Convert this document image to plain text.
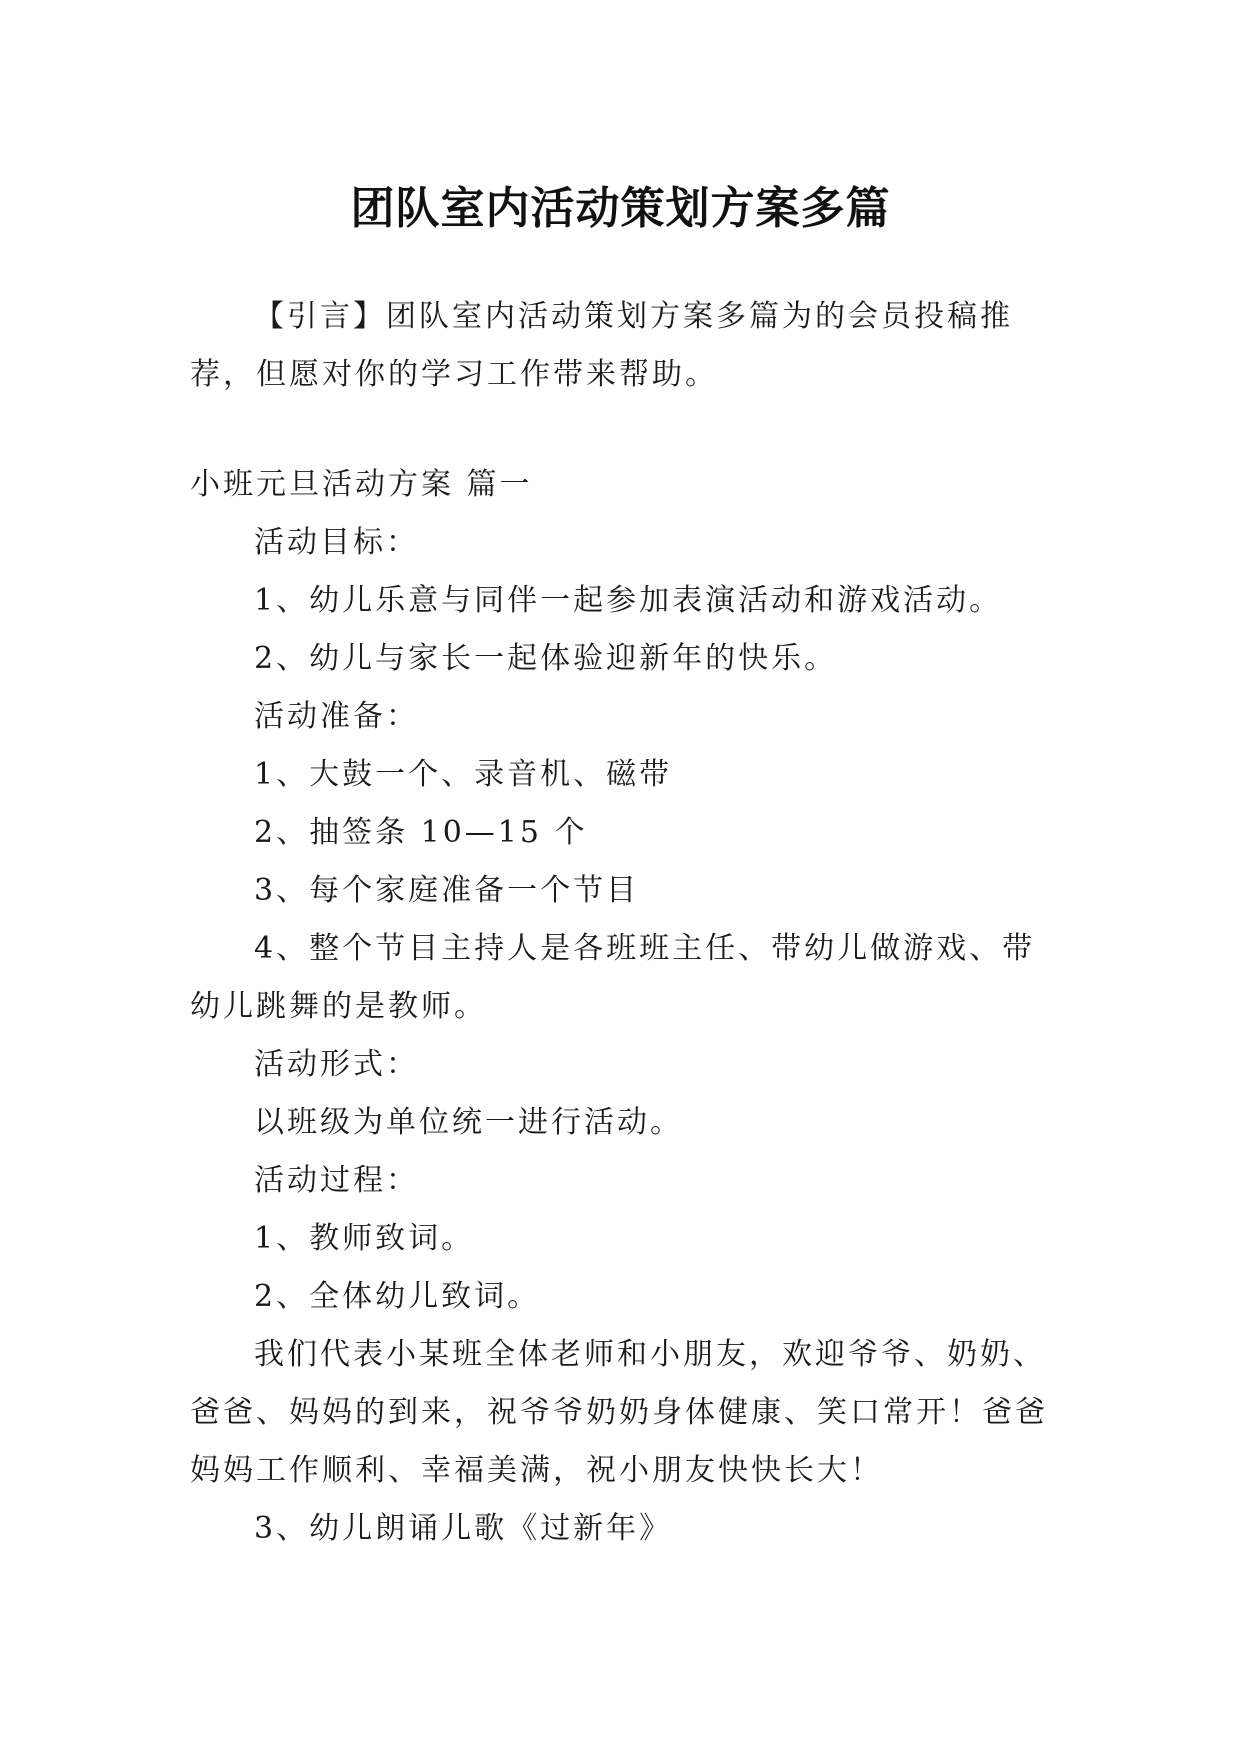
团队室内活动策划方案多篇

【引言】团队室内活动策划方案多篇为的会员投稿推荐，但愿对你的学习工作带来帮助。

小班元旦活动方案 篇一

活动目标：

1、幼儿乐意与同伴一起参加表演活动和游戏活动。

2、幼儿与家长一起体验迎新年的快乐。

活动准备：

1、大鼓一个、录音机、磁带

2、抽签条 10—15 个

3、每个家庭准备一个节目

4、整个节目主持人是各班班主任、带幼儿做游戏、带幼儿跳舞的是教师。

活动形式：

以班级为单位统一进行活动。

活动过程：

1、教师致词。

2、全体幼儿致词。

我们代表小某班全体老师和小朋友，欢迎爷爷、奶奶、爸爸、妈妈的到来，祝爷爷奶奶身体健康、笑口常开！爸爸妈妈工作顺利、幸福美满，祝小朋友快快长大！

3、幼儿朗诵儿歌《过新年》
